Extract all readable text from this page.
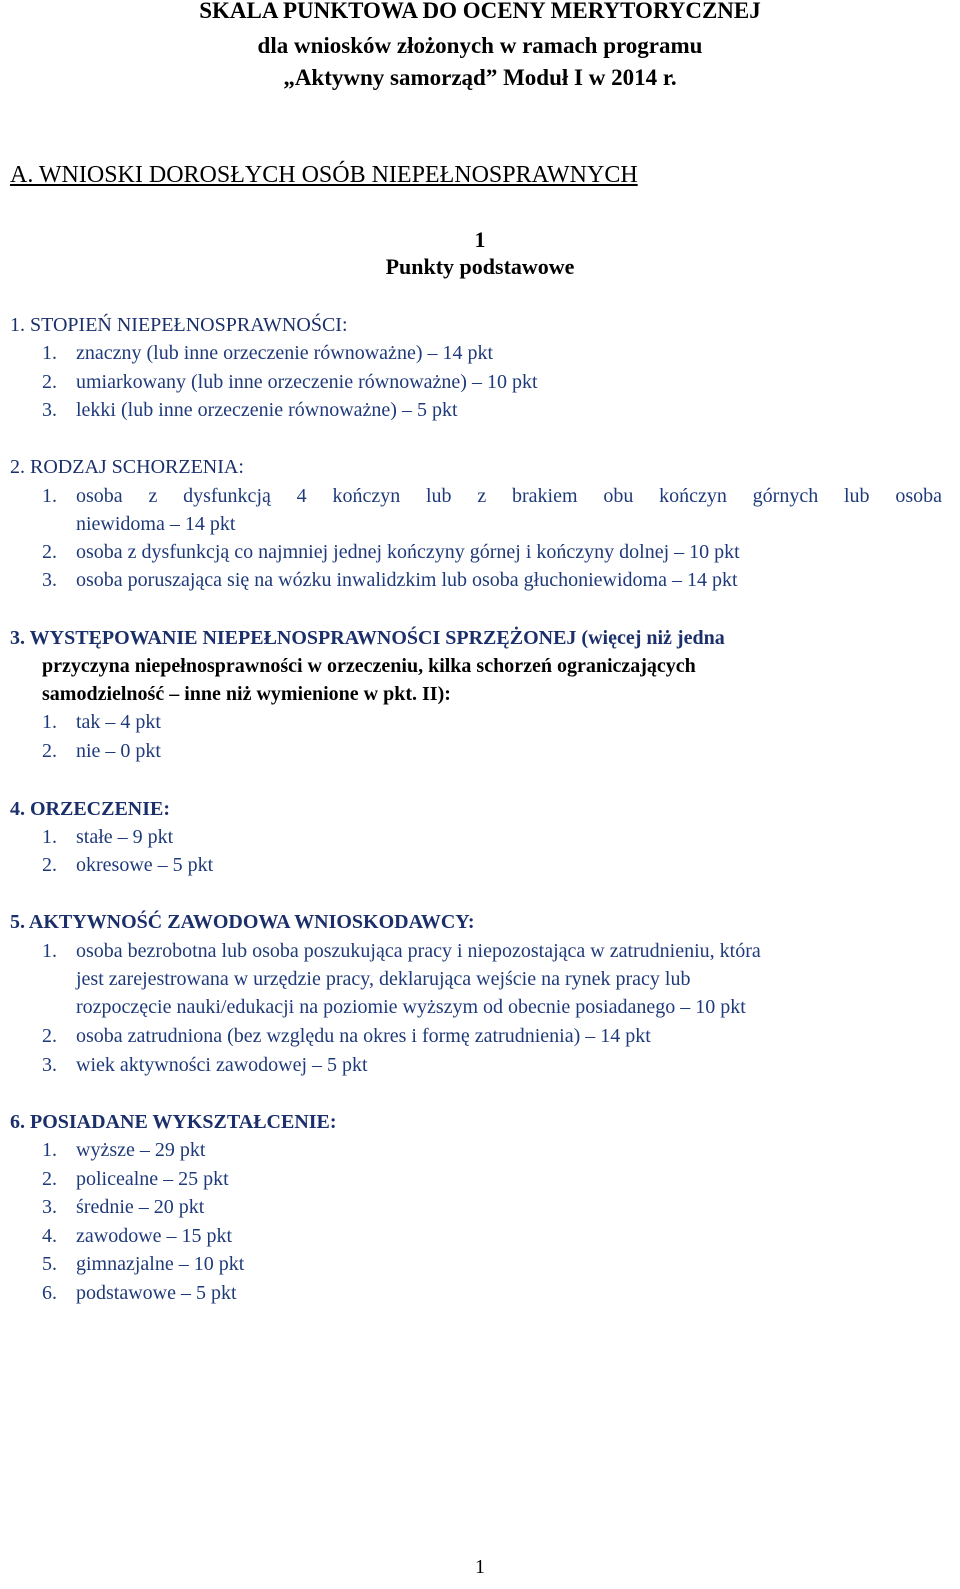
SKALA PUNKTOWA DO OCENY MERYTORYCZNEJ
dla wniosków złożonych w ramach programu
„Aktywny samorząd” Moduł I w 2014 r.
A. WNIOSKI DOROSŁYCH OSÓB NIEPEŁNOSPRAWNYCH
1
Punkty podstawowe
1. STOPIEŃ NIEPEŁNOSPRAWNOŚCI:
1. znaczny (lub inne orzeczenie równoważne) – 14 pkt
2. umiarkowany (lub inne orzeczenie równoważne) – 10 pkt
3. lekki (lub inne orzeczenie równoważne) – 5 pkt
2. RODZAJ SCHORZENIA:
1. osoba z dysfunkcją 4 kończyn lub z brakiem obu kończyn górnych lub osoba
niewidoma – 14 pkt
2. osoba z dysfunkcją co najmniej jednej kończyny górnej i kończyny dolnej – 10 pkt
3. osoba poruszająca się na wózku inwalidzkim lub osoba głuchoniewidoma – 14 pkt
3. WYSTĘPOWANIE NIEPEŁNOSPRAWNOŚCI SPRZĘŻONEJ (więcej niż jedna
przyczyna niepełnosprawności w orzeczeniu, kilka schorzeń ograniczających
samodzielność – inne niż wymienione w pkt. II):
1. tak – 4 pkt
2. nie – 0 pkt
4. ORZECZENIE:
1. stałe – 9 pkt
2. okresowe – 5 pkt
5. AKTYWNOŚĆ ZAWODOWA WNIOSKODAWCY:
1. osoba bezrobotna lub osoba poszukująca pracy i niepozostająca w zatrudnieniu, która
jest zarejestrowana w urzędzie pracy, deklarująca wejście na rynek pracy lub
rozpoczęcie nauki/edukacji na poziomie wyższym od obecnie posiadanego – 10 pkt
2. osoba zatrudniona (bez względu na okres i formę zatrudnienia) – 14 pkt
3. wiek aktywności zawodowej – 5 pkt
6. POSIADANE WYKSZTAŁCENIE:
1. wyższe – 29 pkt
2. policealne – 25 pkt
3. średnie – 20 pkt
4. zawodowe – 15 pkt
5. gimnazjalne – 10 pkt
6. podstawowe – 5 pkt
1
